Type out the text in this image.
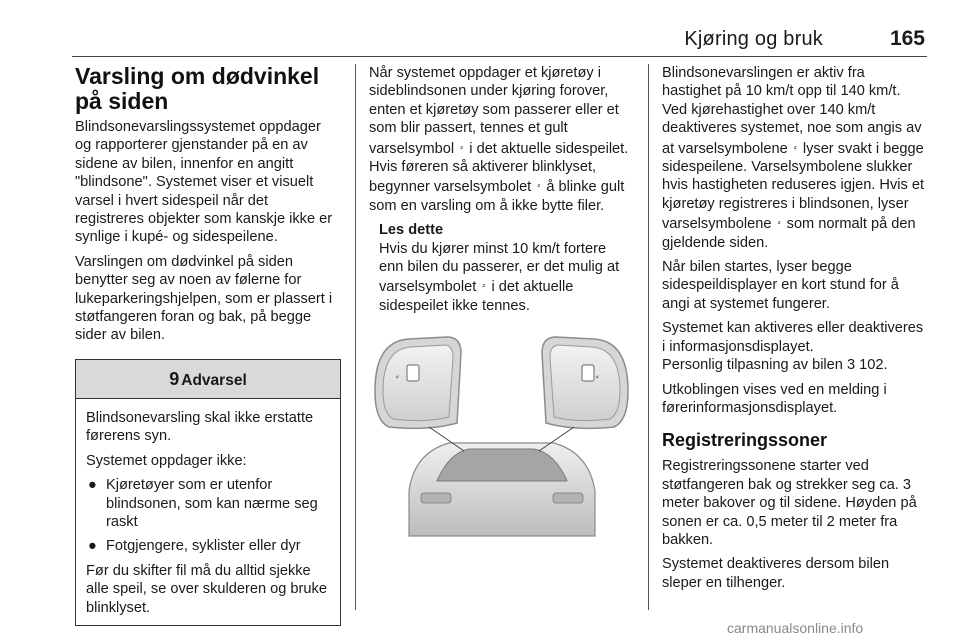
Kjøring og bruk	165
Varsling om dødvinkel på siden

Blindsonevarslingssystemet oppdager og rapporterer gjenstander på en av sidene av bilen, innenfor en angitt "blindsone". Systemet viser et visuelt varsel i hvert sidespeil når det registreres objekter som kanskje ikke er synlige i kupé- og sidespeilene.

Varslingen om dødvinkel på siden benytter seg av noen av følerne for lukeparkeringshjelpen, som er plassert i støtfangeren foran og bak, på begge sider av bilen.

9 Advarsel

Blindsonevarsling skal ikke erstatte førerens syn.

Systemet oppdager ikke:

● Kjøretøyer som er utenfor blindsonen, som kan nærme seg raskt
● Fotgjengere, syklister eller dyr

Før du skifter fil må du alltid sjekke alle speil, se over skulderen og bruke blinklyset.

Når systemet oppdager et kjøretøy i sideblindsonen under kjøring forover, enten et kjøretøy som passerer eller et som blir passert, tennes et gult varselsymbol ⸗ i det aktuelle sidespeilet. Hvis føreren så aktiverer blinklyset, begynner varselsymbolet ⸗ å blinke gult som en varsling om å ikke bytte filer.

Les dette

Hvis du kjører minst 10 km/t fortere enn bilen du passerer, er det mulig at varselsymbolet ⸗ i det aktuelle sidespeilet ikke tennes.

⸗	⸗

Blindsonevarslingen er aktiv fra hastighet på 10 km/t opp til 140 km/t. Ved kjørehastighet over 140 km/t deaktiveres systemet, noe som angis av at varselsymbolene ⸗ lyser svakt i begge sidespeilene. Varselsymbolene slukker hvis hastigheten reduseres igjen. Hvis et kjøretøy registreres i blindsonen, lyser varselsymbolene ⸗ som normalt på den gjeldende siden.

Når bilen startes, lyser begge sidespeildisplayer en kort stund for å angi at systemet fungerer.

Systemet kan aktiveres eller deaktiveres i informasjonsdisplayet.

Personlig tilpasning av bilen 3 102.

Utkoblingen vises ved en melding i førerinformasjonsdisplayet.

Registreringssoner

Registreringssonene starter ved støtfangeren bak og strekker seg ca. 3 meter bakover og til sidene. Høyden på sonen er ca. 0,5 meter til 2 meter fra bakken.

Systemet deaktiveres dersom bilen sleper en tilhenger.

carmanualsonline.info
